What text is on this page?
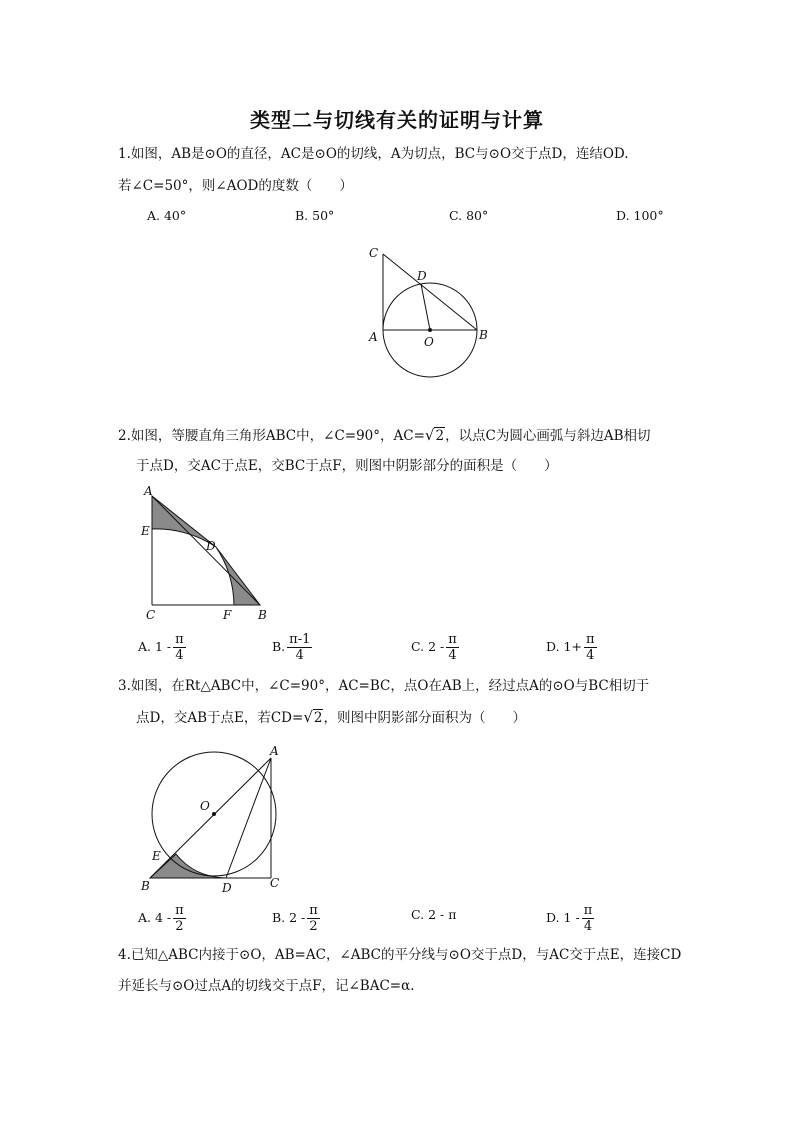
类型二与切线有关的证明与计算
1.如图，AB是⊙O的直径，AC是⊙O的切线，A为切点，BC与⊙O交于点D，连结OD.
若∠C=50°，则∠AOD的度数（　　）
A. 40°	B. 50°	C. 80°	D. 100°
C
D
A	O	B
2.如图，等腰直角三角形ABC中，∠C=90°，AC=√2，以点C为圆心画弧与斜边AB相切
于点D，交AC于点E，交BC于点F，则图中阴影部分的面积是（　　）
A
E
D
C	F B
A. $1 - \frac{\pi}{4}$	B. $\frac{\pi-1}{4}$	C. $2 - \frac{\pi}{4}$	D. $1+ \frac{\pi}{4}$
3.如图，在Rt△ABC中，∠C=90°，AC=BC，点O在AB上，经过点A的⊙O与BC相切于
点D，交AB于点E，若CD=√2，则图中阴影部分面积为（　　）
A
O
E
B	D	C
A. $4 - \frac{\pi}{2}$	B. $2 - \frac{\pi}{2}$	C. 2 - π	D. $1 - \frac{\pi}{4}$
4.已知△ABC内接于⊙O，AB=AC，∠ABC的平分线与⊙O交于点D，与AC交于点E，连接CD
并延长与⊙O过点A的切线交于点F，记∠BAC=α.
